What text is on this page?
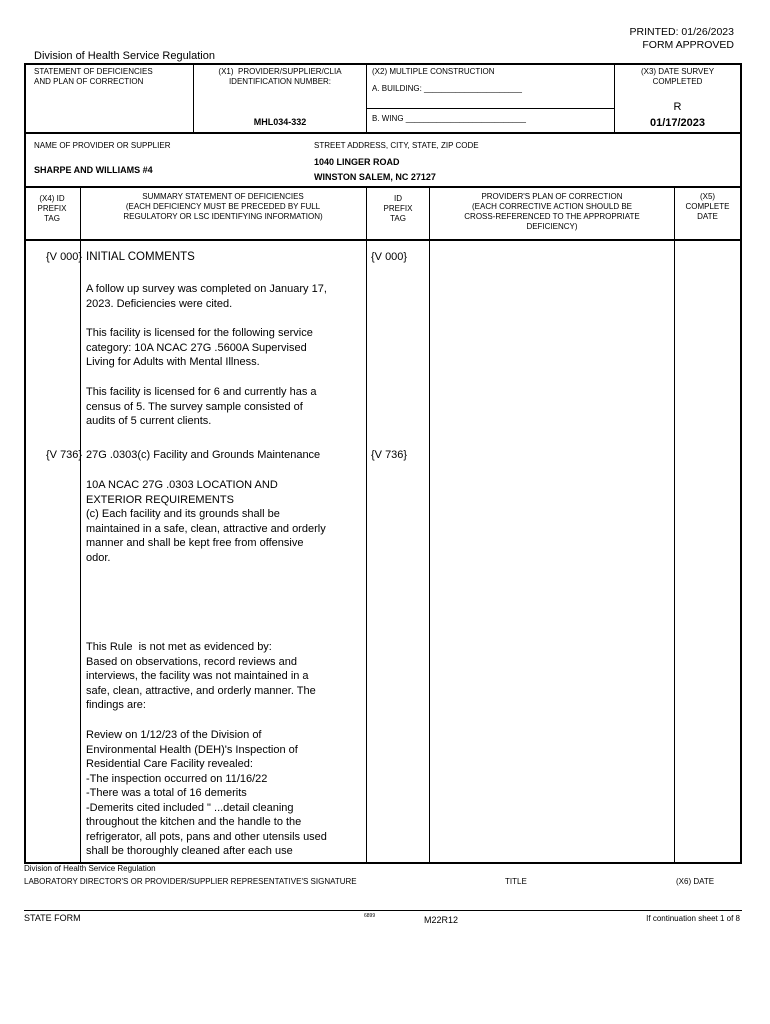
PRINTED: 01/26/2023
FORM APPROVED
Division of Health Service Regulation
STATEMENT OF DEFICIENCIES
AND PLAN OF CORRECTION
(X1)  PROVIDER/SUPPLIER/CLIA
IDENTIFICATION NUMBER:
MHL034-332
(X2) MULTIPLE CONSTRUCTION
A. BUILDING: ______________________
B. WING ___________________________
(X3) DATE SURVEY
COMPLETED
R
01/17/2023
NAME OF PROVIDER OR SUPPLIER
SHARPE AND WILLIAMS #4
STREET ADDRESS, CITY, STATE, ZIP CODE
1040 LINGER ROAD
WINSTON SALEM, NC 27127
(X4) ID
PREFIX
TAG
SUMMARY STATEMENT OF DEFICIENCIES
(EACH DEFICIENCY MUST BE PRECEDED BY FULL
REGULATORY OR LSC IDENTIFYING INFORMATION)
ID
PREFIX
TAG
PROVIDER'S PLAN OF CORRECTION
(EACH CORRECTIVE ACTION SHOULD BE
CROSS-REFERENCED TO THE APPROPRIATE
DEFICIENCY)
(X5)
COMPLETE
DATE
{V 000} INITIAL COMMENTS	{V 000}
A follow up survey was completed on January 17,
2023. Deficiencies were cited.
This facility is licensed for the following service
category: 10A NCAC 27G .5600A Supervised
Living for Adults with Mental Illness.
This facility is licensed for 6 and currently has a
census of 5. The survey sample consisted of
audits of 5 current clients.
{V 736} 27G .0303(c) Facility and Grounds Maintenance	{V 736}
10A NCAC 27G .0303 LOCATION AND
EXTERIOR REQUIREMENTS
(c) Each facility and its grounds shall be
maintained in a safe, clean, attractive and orderly
manner and shall be kept free from offensive
odor.
This Rule  is not met as evidenced by:
Based on observations, record reviews and
interviews, the facility was not maintained in a
safe, clean, attractive, and orderly manner. The
findings are:
Review on 1/12/23 of the Division of
Environmental Health (DEH)'s Inspection of
Residential Care Facility revealed:
-The inspection occurred on 11/16/22
-There was a total of 16 demerits
-Demerits cited included " ...detail cleaning
throughout the kitchen and the handle to the
refrigerator, all pots, pans and other utensils used
shall be thoroughly cleaned after each use
Division of Health Service Regulation
LABORATORY DIRECTOR'S OR PROVIDER/SUPPLIER REPRESENTATIVE'S SIGNATURE	TITLE	(X6) DATE
STATE FORM	6899	M22R12	If continuation sheet 1 of 8
